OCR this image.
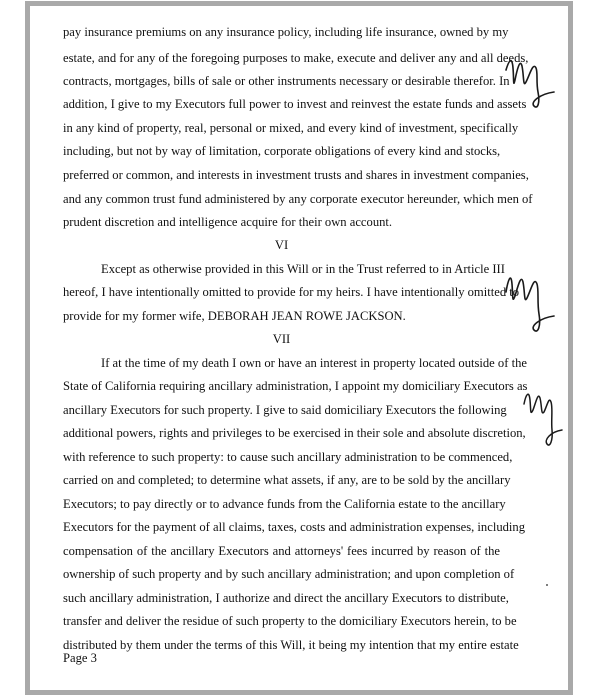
pay insurance premiums on any insurance policy, including life insurance, owned by my
estate, and for any of the foregoing purposes to make, execute and deliver any and all deeds,
contracts, mortgages, bills of sale or other instruments necessary or desirable therefor. In
addition, I give to my Executors full power to invest and reinvest the estate funds and assets
in any kind of property, real, personal or mixed, and every kind of investment, specifically
including, but not by way of limitation, corporate obligations of every kind and stocks,
preferred or common, and interests in investment trusts and shares in investment companies,
and any common trust fund administered by any corporate executor hereunder, which men of
prudent discretion and intelligence acquire for their own account.
VI
Except as otherwise provided in this Will or in the Trust referred to in Article III
hereof, I have intentionally omitted to provide for my heirs. I have intentionally omitted to
provide for my former wife, DEBORAH JEAN ROWE JACKSON.
VII
If at the time of my death I own or have an interest in property located outside of the
State of California requiring ancillary administration, I appoint my domiciliary Executors as
ancillary Executors for such property. I give to said domiciliary Executors the following
additional powers, rights and privileges to be exercised in their sole and absolute discretion,
with reference to such property: to cause such ancillary administration to be commenced,
carried on and completed; to determine what assets, if any, are to be sold by the ancillary
Executors; to pay directly or to advance funds from the California estate to the ancillary
Executors for the payment of all claims, taxes, costs and administration expenses, including
compensation of the ancillary Executors and attorneys' fees incurred by reason of the
ownership of such property and by such ancillary administration; and upon completion of
such ancillary administration, I authorize and direct the ancillary Executors to distribute,
transfer and deliver the residue of such property to the domiciliary Executors herein, to be
distributed by them under the terms of this Will, it being my intention that my entire estate
Page 3
